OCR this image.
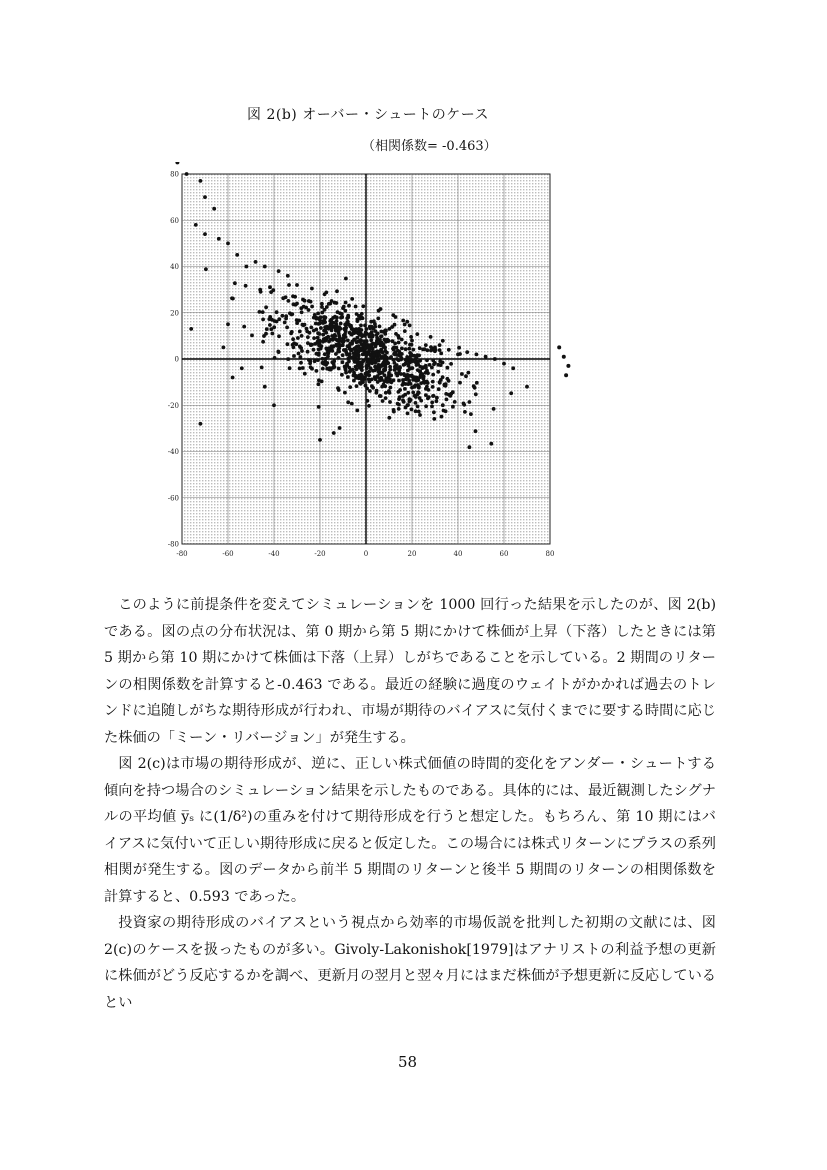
図 2(b) オーバー・シュートのケース
（相関係数= -0.463）
-80	-60	-40	-20	0	20	40	60	80
80
60
40
20
0
-20
-40
-60
-80

このように前提条件を変えてシミュレーションを 1000 回行った結果を示したのが、図 2(b)である。図の点の分布状況は、第 0 期から第 5 期にかけて株価が上昇（下落）したときには第 5 期から第 10 期にかけて株価は下落（上昇）しがちであることを示している。2 期間のリターンの相関係数を計算すると-0.463 である。最近の経験に過度のウェイトがかかれば過去のトレンドに追随しがちな期待形成が行われ、市場が期待のバイアスに気付くまでに要する時間に応じた株価の「ミーン・リバージョン」が発生する。

図 2(c)は市場の期待形成が、逆に、正しい株式価値の時間的変化をアンダー・シュートする傾向を持つ場合のシミュレーション結果を示したものである。具体的には、最近観測したシグナルの平均値 y̅ₛ に(1/δ²)の重みを付けて期待形成を行うと想定した。もちろん、第 10 期にはバイアスに気付いて正しい期待形成に戻ると仮定した。この場合には株式リターンにプラスの系列相関が発生する。図のデータから前半 5 期間のリターンと後半 5 期間のリターンの相関係数を計算すると、0.593 であった。

投資家の期待形成のバイアスという視点から効率的市場仮説を批判した初期の文献には、図 2(c)のケースを扱ったものが多い。Givoly-Lakonishok[1979]はアナリストの利益予想の更新に株価がどう反応するかを調べ、更新月の翌月と翌々月にはまだ株価が予想更新に反応しているとい

58
